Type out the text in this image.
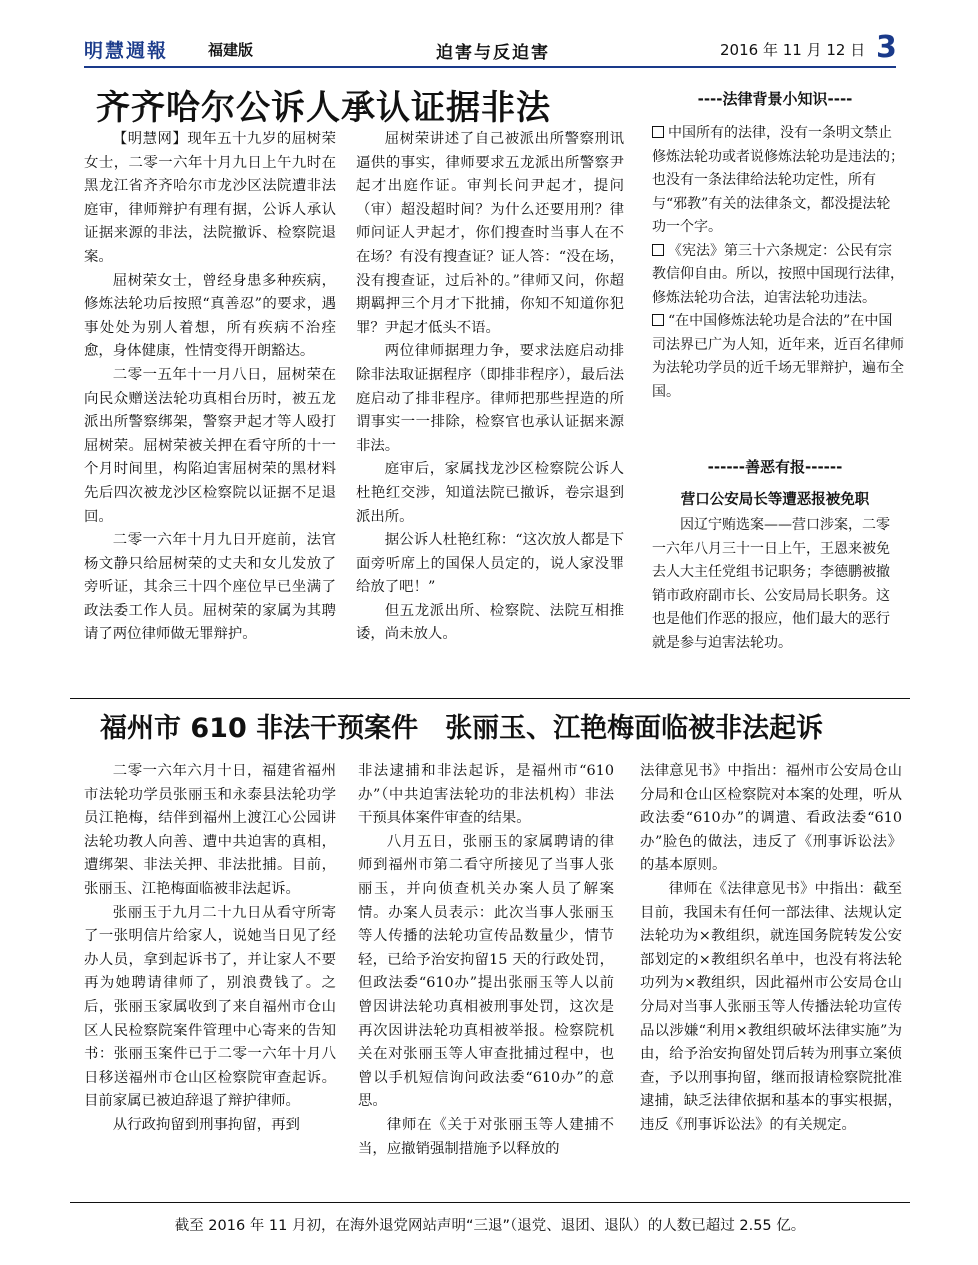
明慧週報	福建版	迫害与反迫害	2016 年 11 月 12 日 3
齐齐哈尔公诉人承认证据非法

【明慧网】现年五十九岁的屈树荣女士，二零一六年十月九日上午九时在黑龙江省齐齐哈尔市龙沙区法院遭非法庭审，律师辩护有理有据，公诉人承认证据来源的非法，法院撤诉、检察院退案。

屈树荣女士，曾经身患多种疾病，修炼法轮功后按照“真善忍”的要求，遇事处处为别人着想，所有疾病不治痊愈，身体健康，性情变得开朗豁达。

二零一五年十一月八日，屈树荣在向民众赠送法轮功真相台历时，被五龙派出所警察绑架，警察尹起才等人殴打屈树荣。屈树荣被关押在看守所的十一个月时间里，构陷迫害屈树荣的黑材料先后四次被龙沙区检察院以证据不足退回。

二零一六年十月九日开庭前，法官杨文静只给屈树荣的丈夫和女儿发放了旁听证，其余三十四个座位早已坐满了政法委工作人员。屈树荣的家属为其聘请了两位律师做无罪辩护。

屈树荣讲述了自己被派出所警察刑讯逼供的事实，律师要求五龙派出所警察尹起才出庭作证。审判长问尹起才，提问（审）超没超时间？为什么还要用刑？律师问证人尹起才，你们搜查时当事人在不在场？有没有搜查证？证人答：“没在场，没有搜查证，过后补的。”律师又问，你超期羁押三个月才下批捕，你知不知道你犯罪？尹起才低头不语。

两位律师据理力争，要求法庭启动排除非法取证据程序（即排非程序），最后法庭启动了排非程序。律师把那些捏造的所谓事实一一排除，检察官也承认证据来源非法。

庭审后，家属找龙沙区检察院公诉人杜艳红交涉，知道法院已撤诉，卷宗退到派出所。

据公诉人杜艳红称：“这次放人都是下面旁听席上的国保人员定的，说人家没罪给放了吧！”

但五龙派出所、检察院、法院互相推诿，尚未放人。

----法律背景小知识----

中国所有的法律，没有一条明文禁止修炼法轮功或者说修炼法轮功是违法的；也没有一条法律给法轮功定性，所有与“邪教”有关的法律条文，都没提法轮功一个字。

《宪法》第三十六条规定：公民有宗教信仰自由。所以，按照中国现行法律，修炼法轮功合法，迫害法轮功违法。

“在中国修炼法轮功是合法的”在中国司法界已广为人知，近年来，近百名律师为法轮功学员的近千场无罪辩护，遍布全国。

------善恶有报------
营口公安局长等遭恶报被免职

因辽宁贿选案——营口涉案，二零一六年八月三十一日上午，王恩来被免去人大主任党组书记职务；李德鹏被撤销市政府副市长、公安局局长职务。这也是他们作恶的报应，他们最大的恶行就是参与迫害法轮功。

福州市 610 非法干预案件　张丽玉、江艳梅面临被非法起诉

二零一六年六月十日，福建省福州市法轮功学员张丽玉和永泰县法轮功学员江艳梅，结伴到福州上渡江心公园讲法轮功教人向善、遭中共迫害的真相，遭绑架、非法关押、非法批捕。目前，张丽玉、江艳梅面临被非法起诉。

张丽玉于九月二十九日从看守所寄了一张明信片给家人，说她当日见了经办人员，拿到起诉书了，并让家人不要再为她聘请律师了，别浪费钱了。之后，张丽玉家属收到了来自福州市仓山区人民检察院案件管理中心寄来的告知书：张丽玉案件已于二零一六年十月八日移送福州市仓山区检察院审查起诉。目前家属已被迫辞退了辩护律师。

从行政拘留到刑事拘留，再到

非法逮捕和非法起诉，是福州市“610办”（中共迫害法轮功的非法机构）非法干预具体案件审查的结果。

八月五日，张丽玉的家属聘请的律师到福州市第二看守所接见了当事人张丽玉，并向侦查机关办案人员了解案情。办案人员表示：此次当事人张丽玉等人传播的法轮功宣传品数量少，情节轻，已给予治安拘留15 天的行政处罚，但政法委“610办”提出张丽玉等人以前曾因讲法轮功真相被刑事处罚，这次是再次因讲法轮功真相被举报。检察院机关在对张丽玉等人审查批捕过程中，也曾以手机短信询问政法委“610办”的意思。

律师在《关于对张丽玉等人建捕不当，应撤销强制措施予以释放的

法律意见书》中指出：福州市公安局仓山分局和仓山区检察院对本案的处理，听从政法委“610办”的调遣、看政法委“610办”脸色的做法，违反了《刑事诉讼法》的基本原则。

律师在《法律意见书》中指出：截至目前，我国未有任何一部法律、法规认定法轮功为×教组织，就连国务院转发公安部划定的×教组织名单中，也没有将法轮功列为×教组织，因此福州市公安局仓山分局对当事人张丽玉等人传播法轮功宣传品以涉嫌“利用×教组织破坏法律实施”为由，给予治安拘留处罚后转为刑事立案侦查，予以刑事拘留，继而报请检察院批准逮捕，缺乏法律依据和基本的事实根据，违反《刑事诉讼法》的有关规定。

截至 2016 年 11 月初，在海外退党网站声明“三退”（退党、退团、退队）的人数已超过 2.55 亿。
